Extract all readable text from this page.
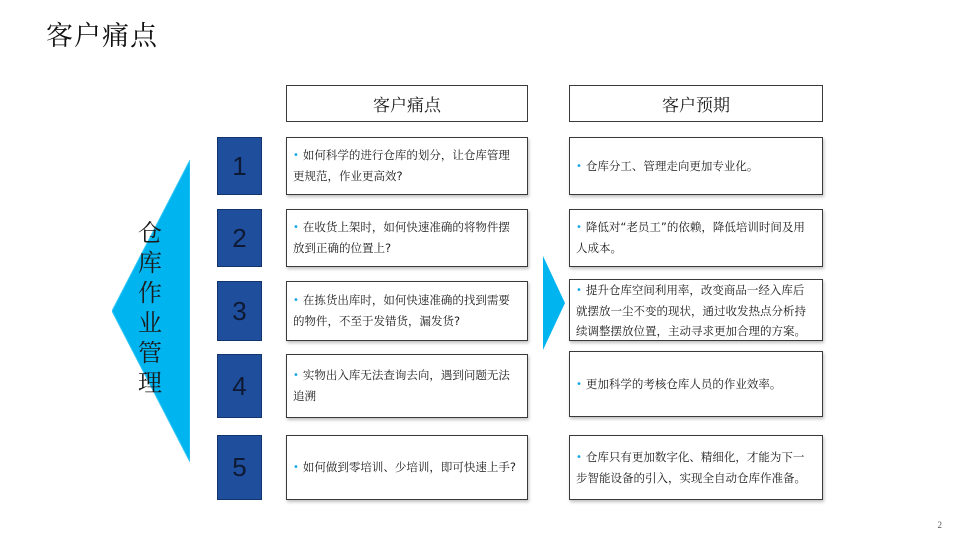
客户痛点
仓
库
作
业
管
理
客户痛点	客户预期
1	• 如何科学的进行仓库的划分，让仓库管理更规范，作业更高效?
• 仓库分工、管理走向更加专业化。
2	• 在收货上架时，如何快速准确的将物件摆放到正确的位置上?
• 降低对“老员工”的依赖，降低培训时间及用人成本。
3	• 在拣货出库时，如何快速准确的找到需要的物件，不至于发错货，漏发货?
• 提升仓库空间利用率，改变商品一经入库后就摆放一尘不变的现状，通过收发热点分析持续调整摆放位置，主动寻求更加合理的方案。
4	• 实物出入库无法查询去向，遇到问题无法追溯
• 更加科学的考核仓库人员的作业效率。
5	• 如何做到零培训、少培训，即可快速上手?
• 仓库只有更加数字化、精细化，才能为下一步智能设备的引入，实现全自动仓库作准备。
2
